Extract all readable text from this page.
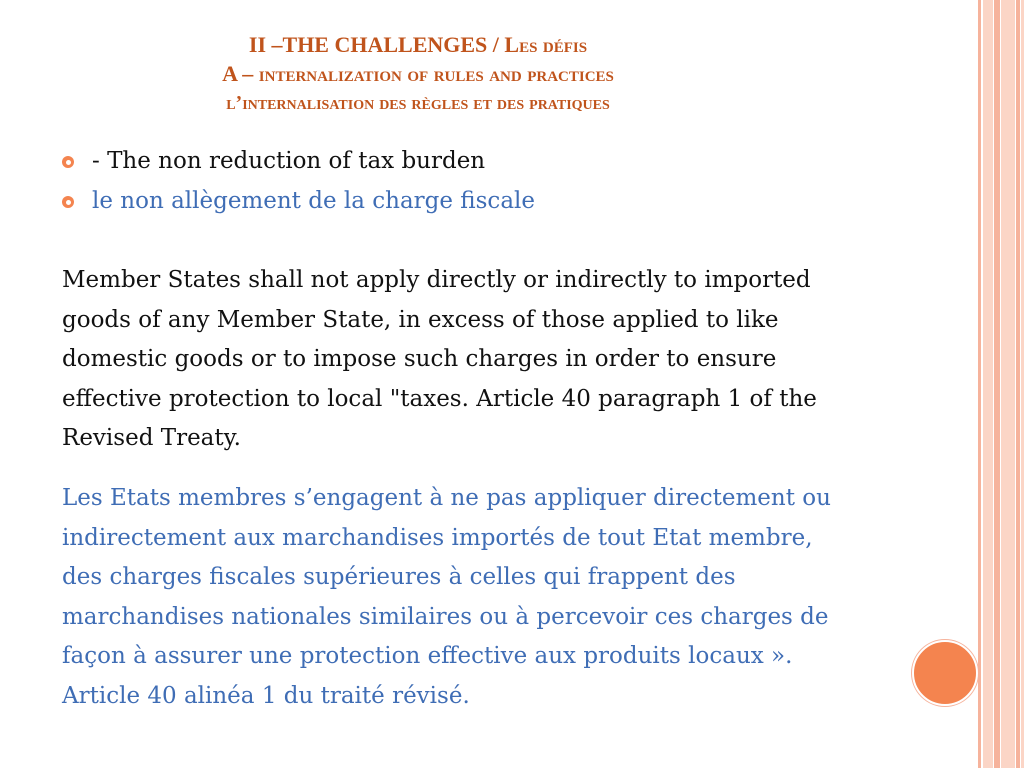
II –THE CHALLENGES / Les défis
A – internalization of rules and practices
l’internalisation des règles et des pratiques
- The non reduction of tax burden
le non allègement de la charge fiscale
Member States shall not apply directly or indirectly to imported
goods of any Member State, in excess of those applied to like
domestic goods or to impose such charges in order to ensure
effective protection to local "taxes. Article 40 paragraph 1 of the
Revised Treaty.
Les Etats membres s’engagent à ne pas appliquer directement ou
indirectement aux marchandises importés de tout Etat membre,
des charges fiscales supérieures à celles qui frappent des
marchandises nationales similaires ou à percevoir ces charges de
façon à assurer une protection effective aux produits locaux ».
Article 40 alinéa 1 du traité révisé.
